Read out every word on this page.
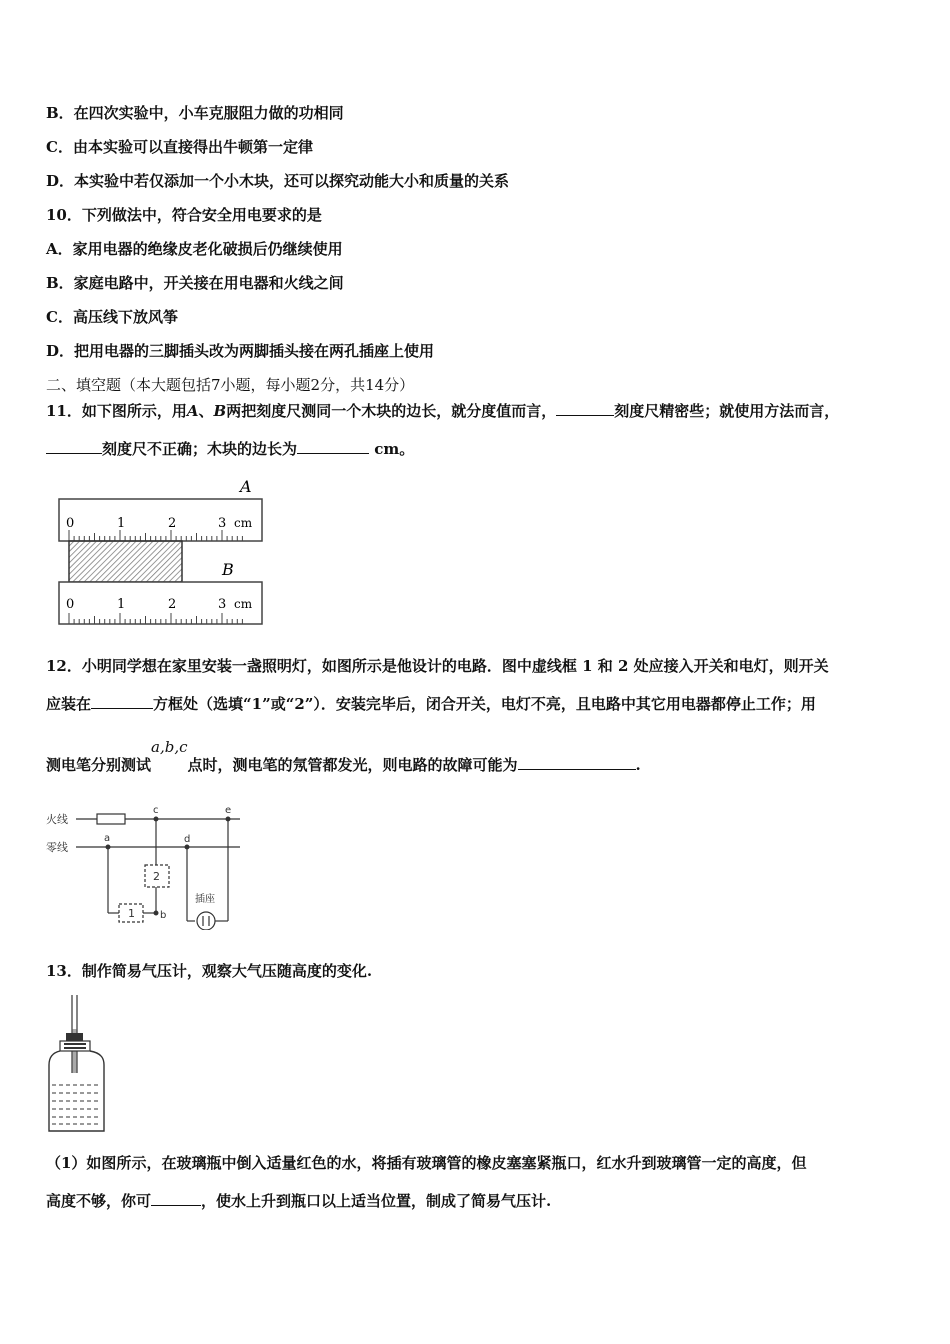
B．在四次实验中，小车克服阻力做的功相同
C．由本实验可以直接得出牛顿第一定律
D．本实验中若仅添加一个小木块，还可以探究动能大小和质量的关系
10．下列做法中，符合安全用电要求的是
A．家用电器的绝缘皮老化破损后仍继续使用
B．家庭电路中，开关接在用电器和火线之间
C．高压线下放风筝
D．把用电器的三脚插头改为两脚插头接在两孔插座上使用
二、填空题（本大题包括7小题，每小题2分，共14分）
11．如下图所示，用A、B两把刻度尺测同一个木块的边长，就分度值而言，	刻度尺精密些；就使用方法而言，
刻度尺不正确；木块的边长为	cm。
A
0	1	2	3 cm
B
0	1	2	3 cm
12．小明同学想在家里安装一盏照明灯，如图所示是他设计的电路．图中虚线框 1 和 2 处应接入开关和电灯，则开关
应装在	方框处（选填“1”或“2”）．安装完毕后，闭合开关，电灯不亮，且电路中其它用电器都停止工作；用
测电笔分别测试a,b,c点时，测电笔的氖管都发光，则电路的故障可能为	.
火线
零线
a
c	e
d
1	b
2
插座
13．制作简易气压计，观察大气压随高度的变化.
（1）如图所示，在玻璃瓶中倒入适量红色的水，将插有玻璃管的橡皮塞塞紧瓶口，红水升到玻璃管一定的高度，但
高度不够，你可	，使水上升到瓶口以上适当位置，制成了简易气压计.
